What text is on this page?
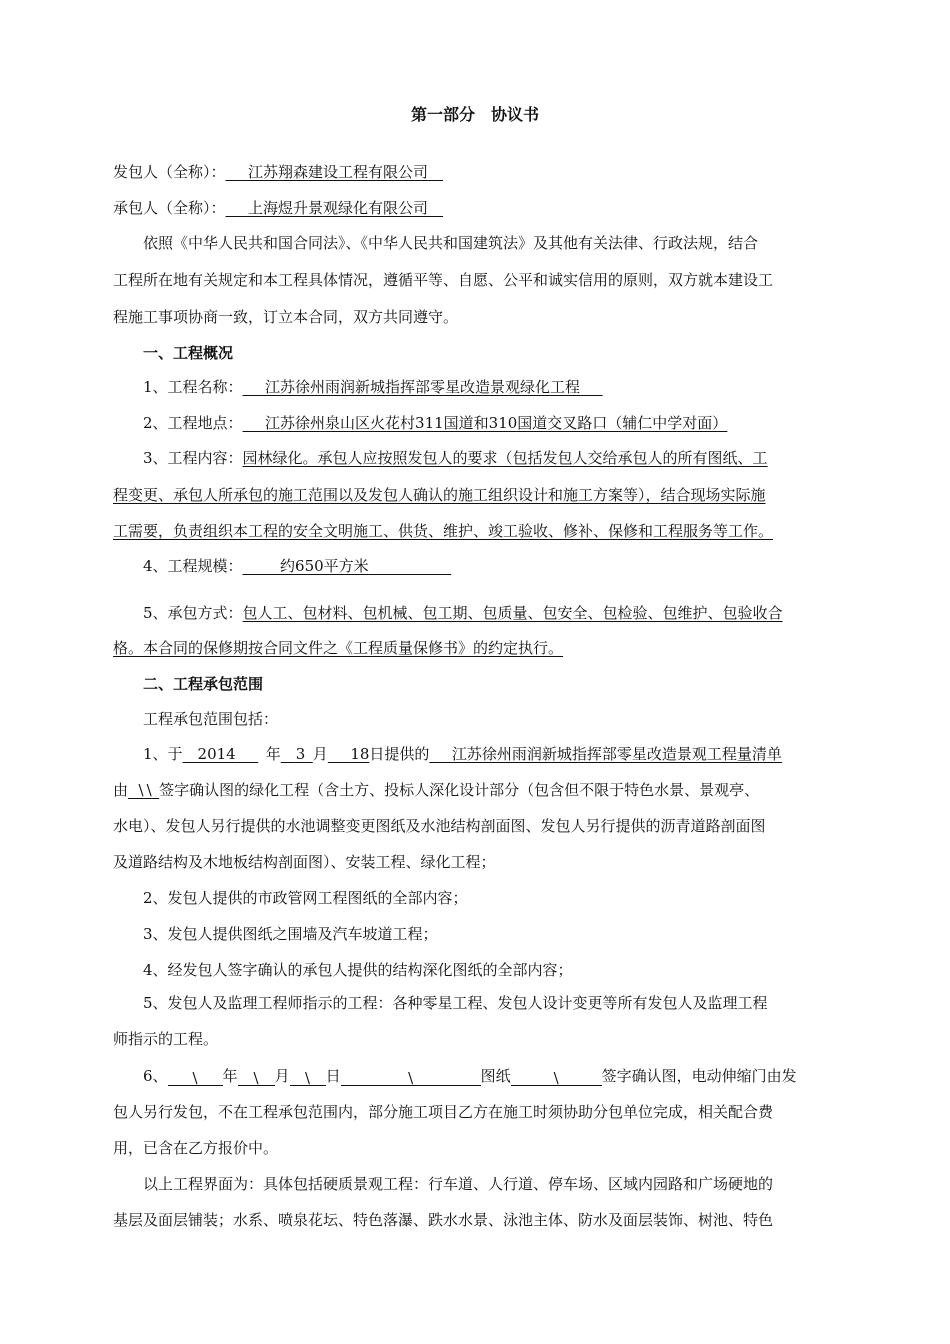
第一部分 协议书
发包人（全称）：   江苏翔森建设工程有限公司 
承包人（全称）：   上海煜升景观绿化有限公司 
依照《中华人民共和国合同法》、《中华人民共和国建筑法》及其他有关法律、行政法规，结合
工程所在地有关规定和本工程具体情况，遵循平等、自愿、公平和诚实信用的原则，双方就本建设工
程施工事项协商一致，订立本合同，双方共同遵守。
一、工程概况
1、工程名称：   江苏徐州雨润新城指挥部零星改造景观绿化工程  
2、工程地点：   江苏徐州泉山区火花村311国道和310国道交叉路口（辅仁中学对面）
3、工程内容：园林绿化。承包人应按照发包人的要求（包括发包人交给承包人的所有图纸、工
程变更、承包人所承包的施工范围以及发包人确认的施工组织设计和施工方案等），结合现场实际施
工需要，负责组织本工程的安全文明施工、供货、维护、竣工验收、修补、保修和工程服务等工作。
4、工程规模：   	约650平方米      
5、承包方式：包人工、包材料、包机械、包工期、包质量、包安全、包检验、包维护、包验收合
格。本合同的保修期按合同文件之《工程质量保修书》的约定执行。
二、工程承包范围
工程承包范围包括：
1、于  2014    年  3  月   18日提供的   江苏徐州雨润新城指挥部零星改造景观工程量清单
由   \  \  签字确认图的绿化工程（含土方、投标人深化设计部分（包含但不限于特色水景、景观亭、
水电）、发包人另行提供的水池调整变更图纸及水池结构剖面图、发包人另行提供的沥青道路剖面图
及道路结构及木地板结构剖面图）、安装工程、绿化工程；
2、发包人提供的市政管网工程图纸的全部内容；
3、发包人提供图纸之围墙及汽车坡道工程；
4、经发包人签字确认的承包人提供的结构深化图纸的全部内容；
5、发包人及监理工程师指示的工程：各种零星工程、发包人设计变更等所有发包人及监理工程
师指示的工程。
6、 \ 年 \ 月 \ 日	\	图纸	\	签字确认图，电动伸缩门由发
包人另行发包，不在工程承包范围内，部分施工项目乙方在施工时须协助分包单位完成，相关配合费
用，已含在乙方报价中。
以上工程界面为：具体包括硬质景观工程：行车道、人行道、停车场、区域内园路和广场硬地的
基层及面层铺装；水系、喷泉花坛、特色落瀑、跌水水景、泳池主体、防水及面层装饰、树池、特色
